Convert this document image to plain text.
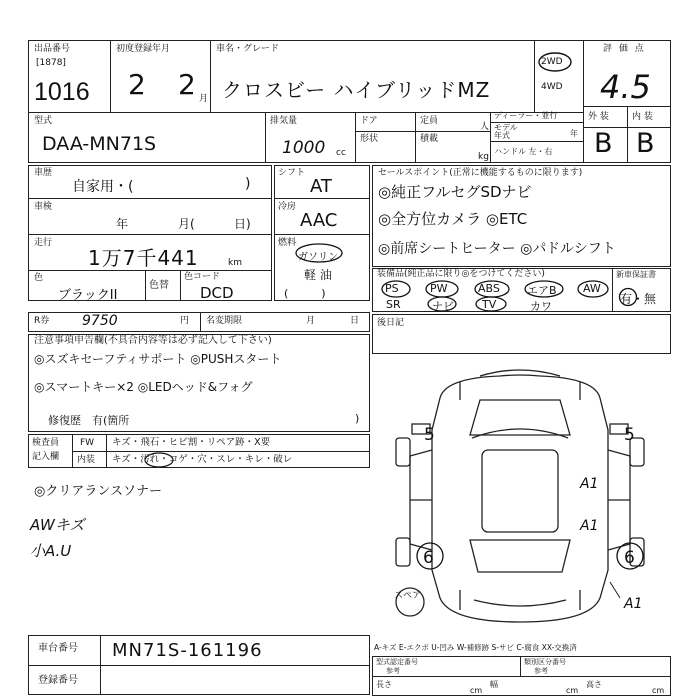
出品番号
[1878]
1016
初度登録年月
2 2 月
車名・グレード
クロスビー ハイブリッドMZ
2WD
4WD
評 価 点
4.5
型式
DAA-MN71S
排気量
1000 cc
ドア
形状
定員
人
積載
kg
ディーラー・並行
モデル
年式	年
ハンドル 左・右
外 装	内 装
B B
車歴
自家用・(	)
車検
年	月(	日)
走行
1万7千441	km
色
ブラックII
色替
色コード
DCD
シフト
AT
冷房
AAC
燃料
ガソリン
軽 油
(　　　)
セールスポイント(正常に機能するものに限ります)
◎純正フルセグSDナビ
◎全方位カメラ ◎ETC
◎前席シートヒーター ◎パドルシフト
装備品(純正品に限り◎をつけてください)	新車保証書
有・無
PS	PW	ABS エアB AW
SR	ナビ	TV	カワ
R券 9750	円 名変期限	月	日
注意事項申告欄(不具合内容等は必ず記入して下さい)
◎スズキセーフティサポート ◎PUSHスタート
◎スマートキー×2 ◎LEDヘッド&フォグ
修復歴　有(箇所	)
後日記
検査員
記入欄
FW キズ・飛石・ヒビ割・リペア跡・X要
内装 キズ・汚れ・コゲ・穴・スレ・キレ・破レ
◎クリアランスソナー
AWキズ
小A.U
5	5
A1
A1
6	6
A1
スペア
車台番号 MN71S-161196
登録番号
A-キズ E-エクボ U-凹み W-補修跡 S-サビ C-腐食 XX-交換済
型式認定番号
参考
類別区分番号
参考
長さ
cm
幅
cm
高さ
cm
